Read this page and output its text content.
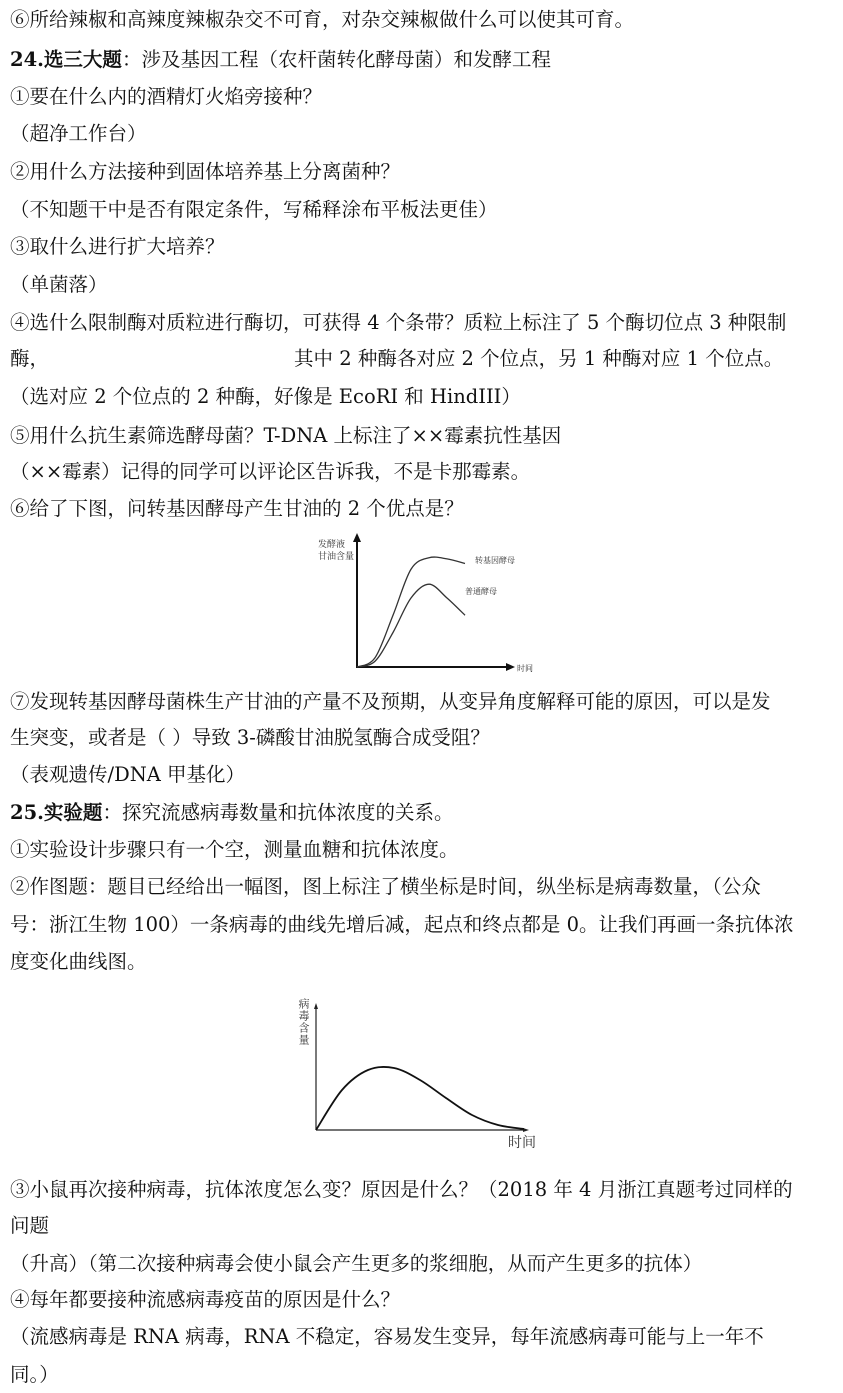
⑥所给辣椒和高辣度辣椒杂交不可育，对杂交辣椒做什么可以使其可育。
24.选三大题：涉及基因工程（农杆菌转化酵母菌）和发酵工程
①要在什么内的酒精灯火焰旁接种？
（超净工作台）
②用什么方法接种到固体培养基上分离菌种？
（不知题干中是否有限定条件，写稀释涂布平板法更佳）
③取什么进行扩大培养？
（单菌落）
④选什么限制酶对质粒进行酶切，可获得 4 个条带？质粒上标注了 5 个酶切位点 3 种限制
酶，	其中 2 种酶各对应 2 个位点，另 1 种酶对应 1 个位点。
（选对应 2 个位点的 2 种酶，好像是 EcoRI 和 HindIII）
⑤用什么抗生素筛选酵母菌？T-DNA 上标注了××霉素抗性基因
（××霉素）记得的同学可以评论区告诉我，不是卡那霉素。
⑥给了下图，问转基因酵母产生甘油的 2 个优点是？
发酵液
甘油含量
时间
转基因酵母
普通酵母
⑦发现转基因酵母菌株生产甘油的产量不及预期，从变异角度解释可能的原因，可以是发
生突变，或者是（ ）导致 3-磷酸甘油脱氢酶合成受阻？
（表观遗传/DNA 甲基化）
25.实验题：探究流感病毒数量和抗体浓度的关系。
①实验设计步骤只有一个空，测量血糖和抗体浓度。
②作图题：题目已经给出一幅图，图上标注了横坐标是时间，纵坐标是病毒数量，（公众
号：浙江生物 100）一条病毒的曲线先增后减，起点和终点都是 0。让我们再画一条抗体浓
度变化曲线图。
时间
病毒含量
③小鼠再次接种病毒，抗体浓度怎么变？原因是什么？（2018 年 4 月浙江真题考过同样的
问题
（升高）（第二次接种病毒会使小鼠会产生更多的浆细胞，从而产生更多的抗体）
④每年都要接种流感病毒疫苗的原因是什么？
（流感病毒是 RNA 病毒，RNA 不稳定，容易发生变异，每年流感病毒可能与上一年不
同。）
